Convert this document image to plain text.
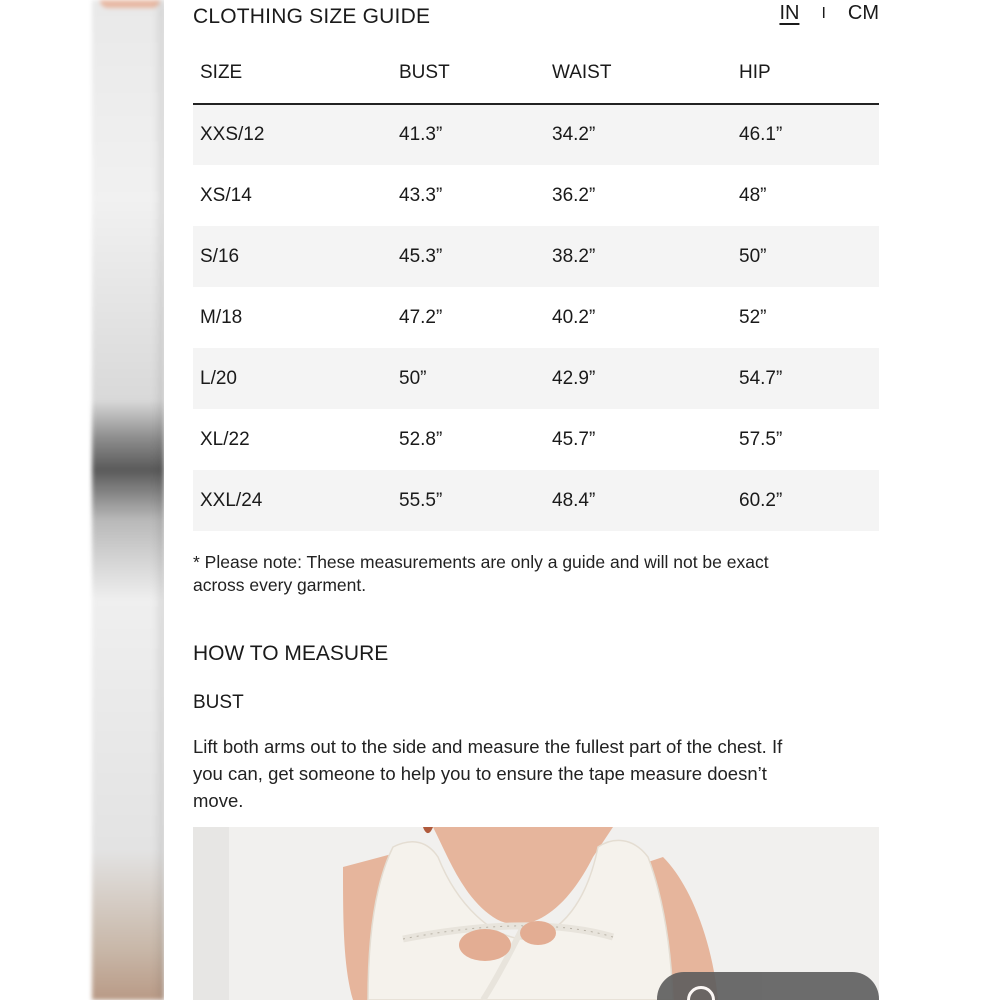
CLOTHING SIZE GUIDE	IN I CM
SIZE	BUST	WAIST	HIP
XXS/12	41.3”	34.2”	46.1”
XS/14	43.3”	36.2”	48”
S/16	45.3”	38.2”	50”
M/18	47.2”	40.2”	52”
L/20	50”	42.9”	54.7”
XL/22	52.8”	45.7”	57.5”
XXL/24	55.5”	48.4”	60.2”
* Please note: These measurements are only a guide and will not be exact
across every garment.
HOW TO MEASURE
BUST
Lift both arms out to the side and measure the fullest part of the chest. If
you can, get someone to help you to ensure the tape measure doesn’t
move.
